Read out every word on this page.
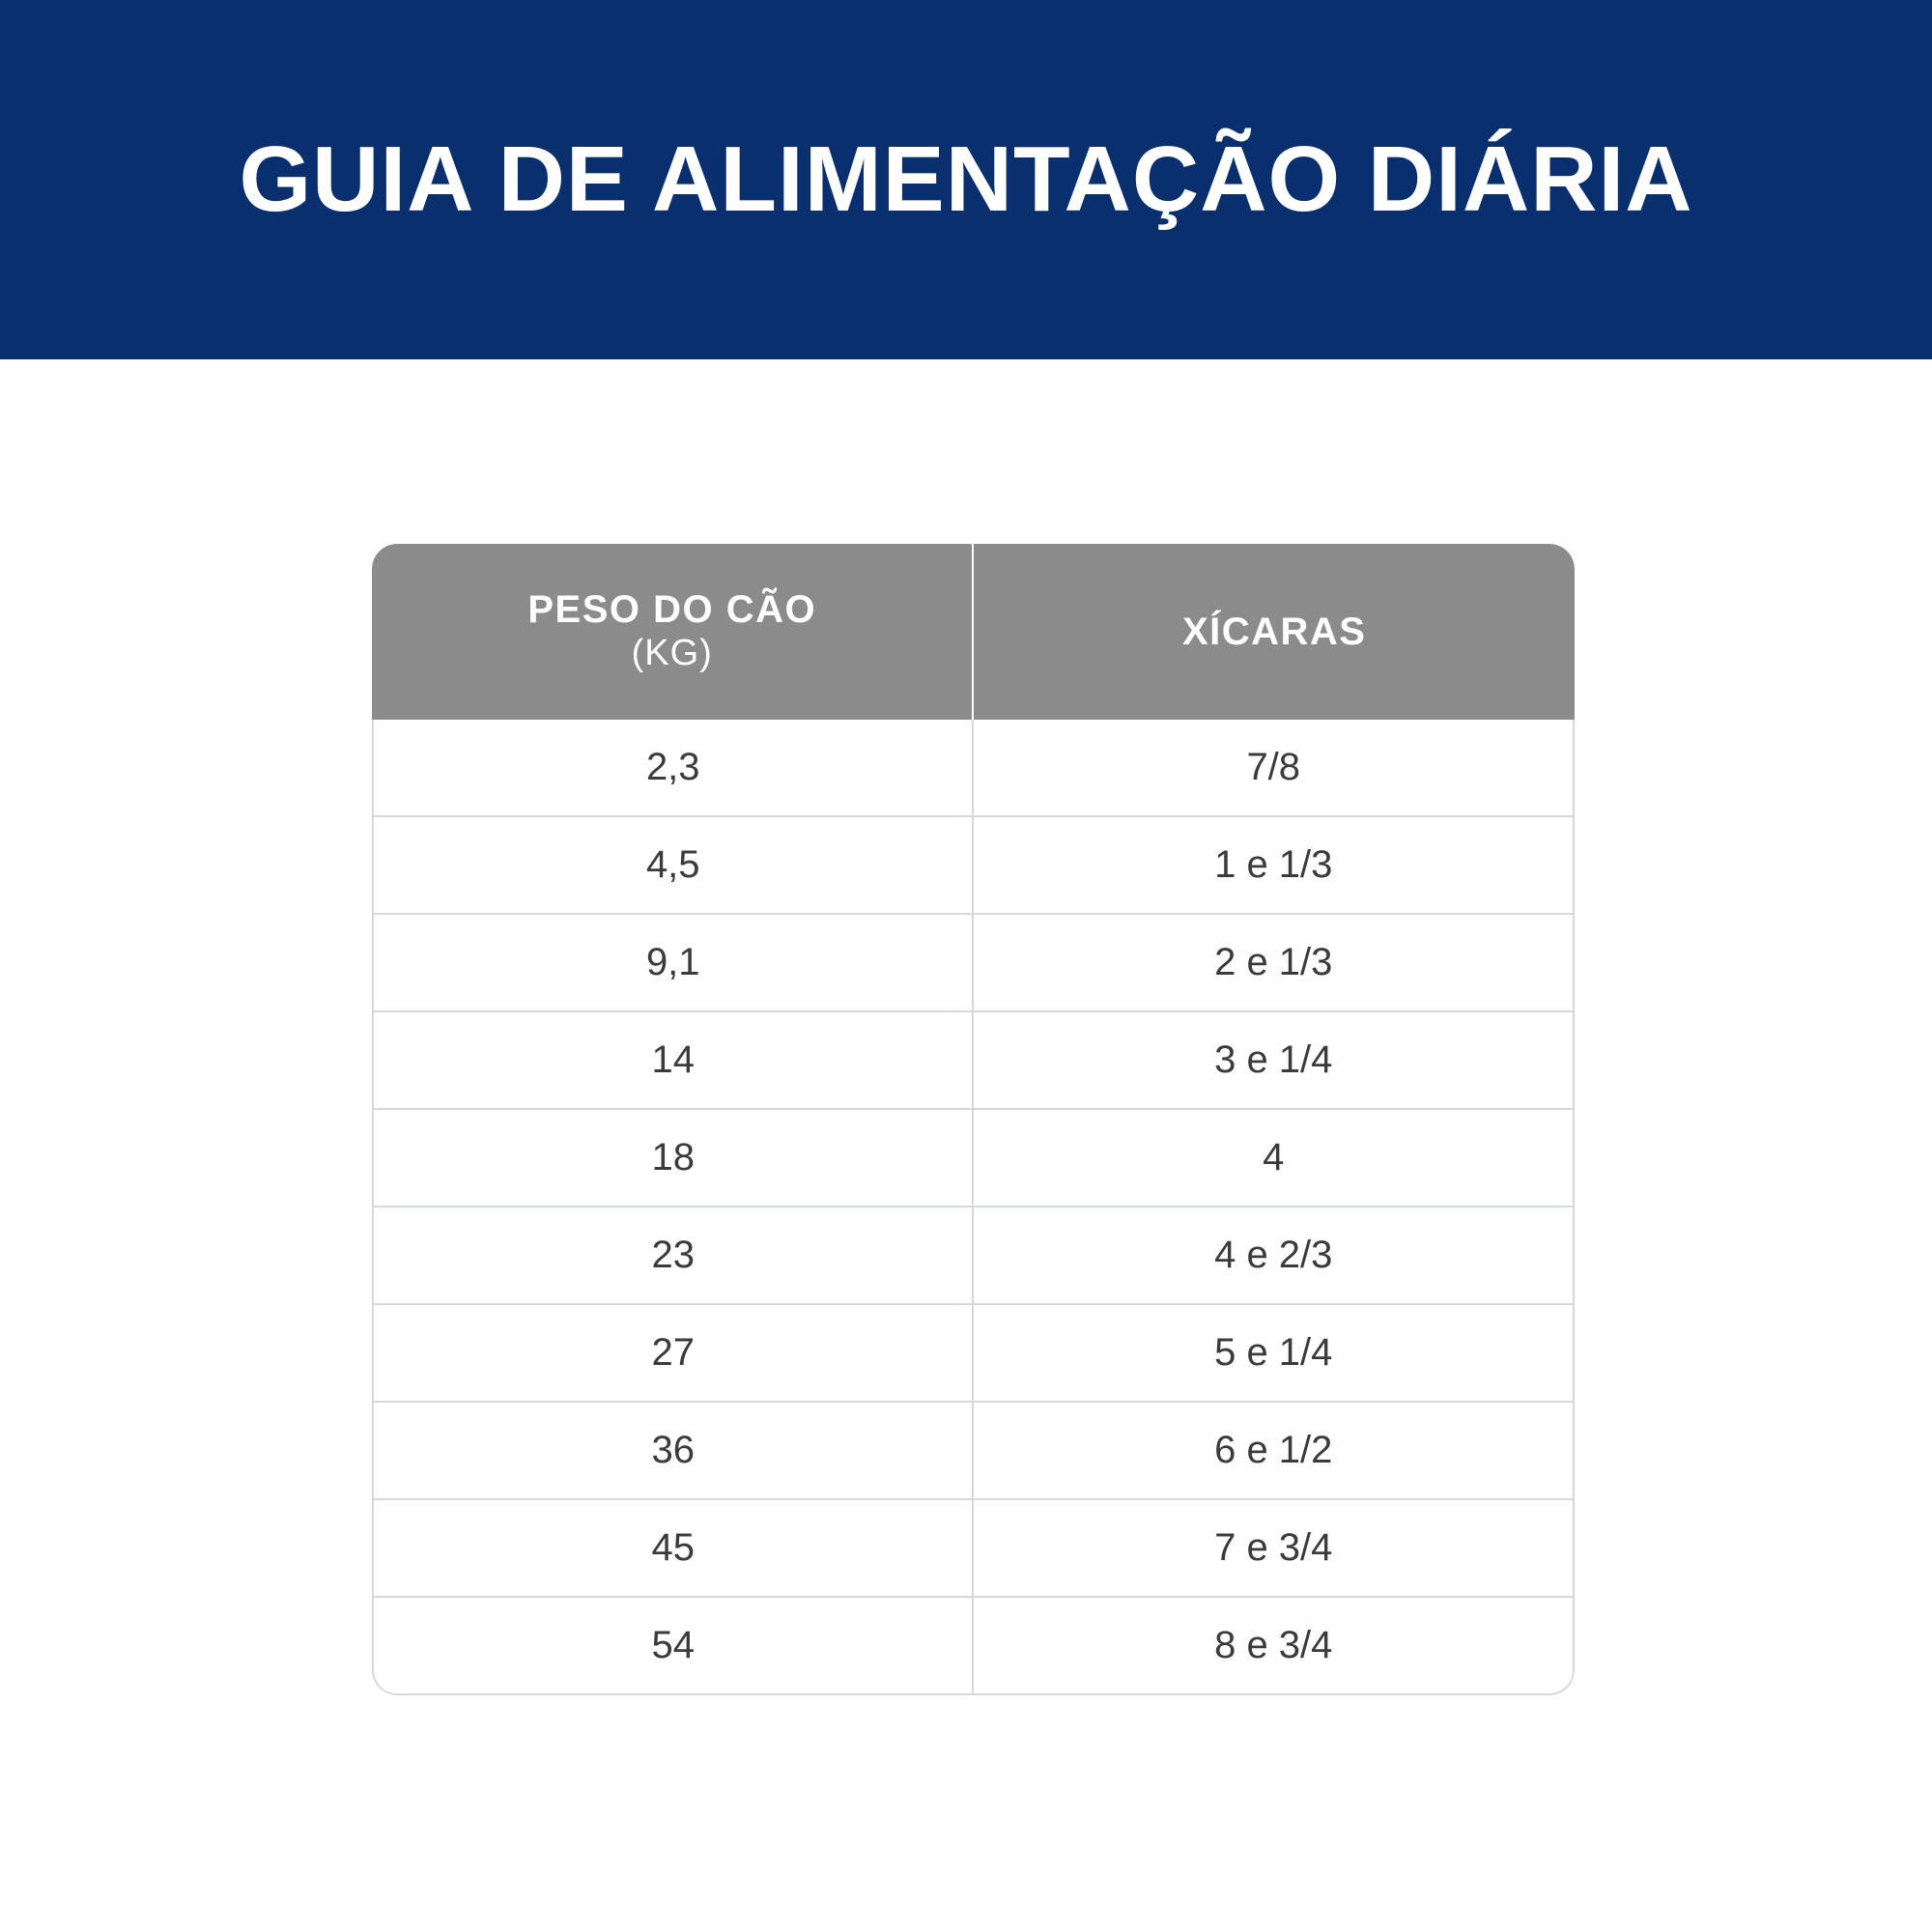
GUIA DE ALIMENTAÇÃO DIÁRIA
PESO DO CÃO
(KG)	XÍCARAS

2,3	7/8
4,5	1 e 1/3
9,1	2 e 1/3
14	3 e 1/4
18	4
23	4 e 2/3
27	5 e 1/4
36	6 e 1/2
45	7 e 3/4
54	8 e 3/4
